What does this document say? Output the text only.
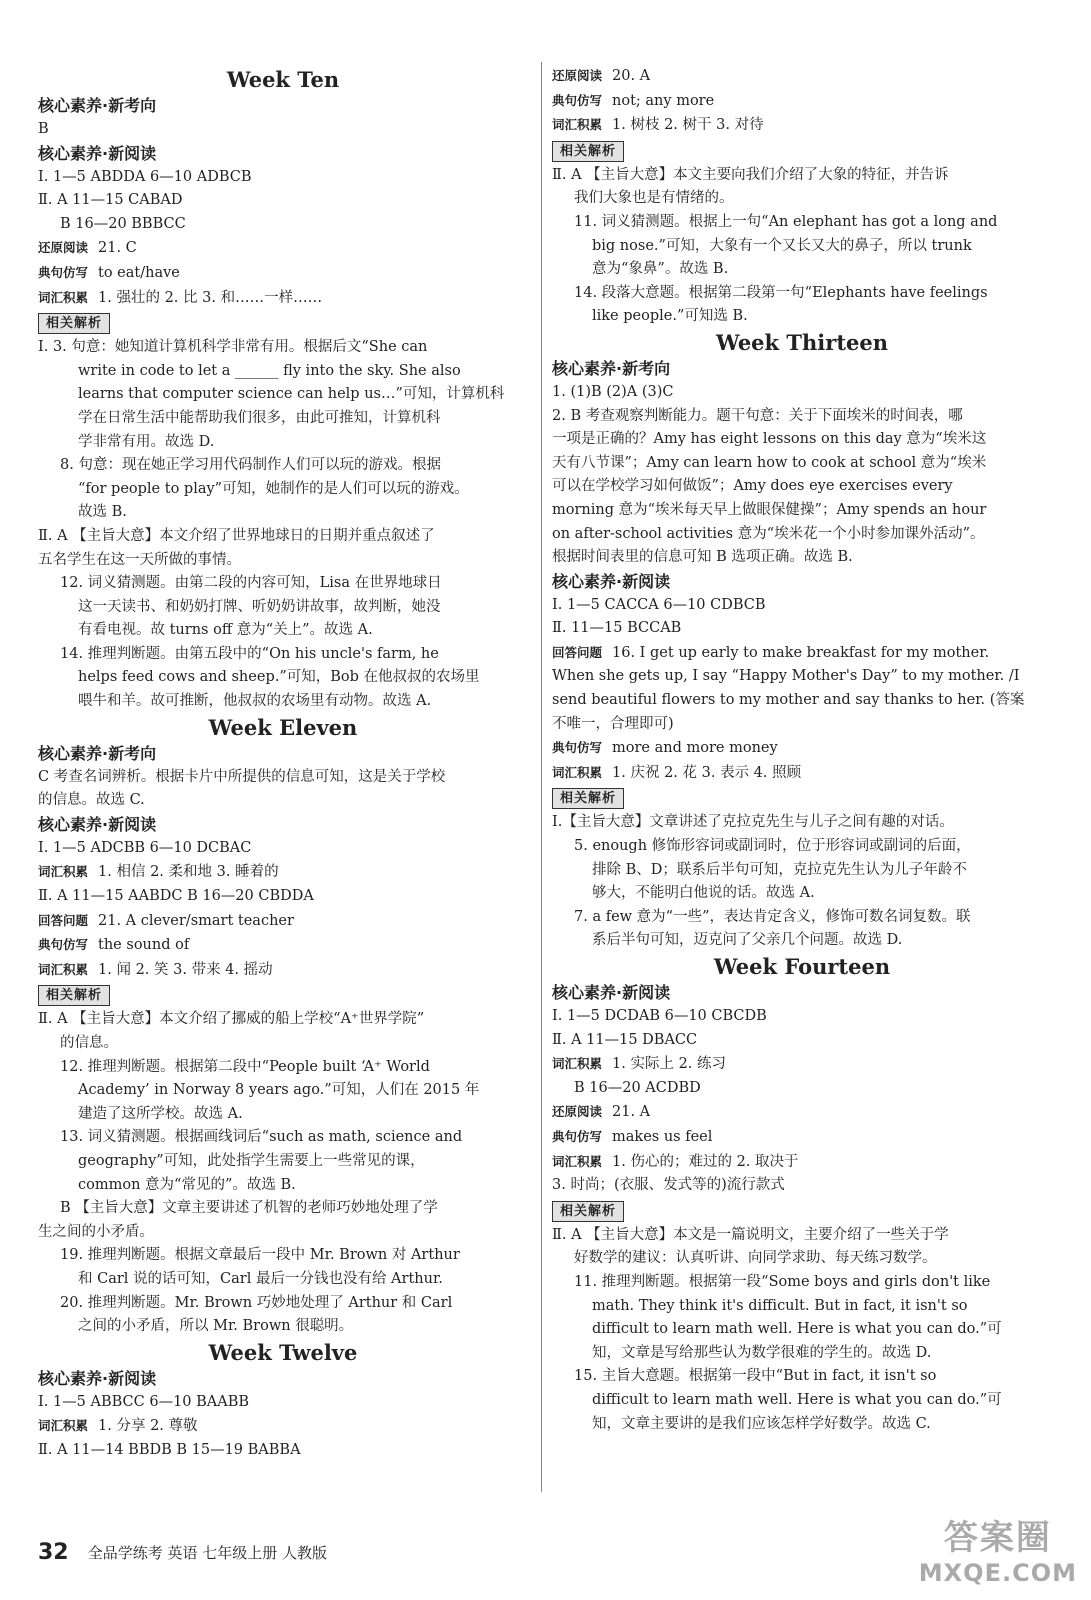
Week Ten
核心素养·新考向
B
核心素养·新阅读
Ⅰ. 1—5 ABDDA 6—10 ADBCB
Ⅱ. A 11—15 CABAD
B 16—20 BBBCC
还原阅读 21. C
典句仿写 to eat/have
词汇积累 1. 强壮的 2. 比 3. 和……一样……
相关解析
Ⅰ. 3. 句意：她知道计算机科学非常有用。根据后文“She can
write in code to let a ______ fly into the sky. She also
learns that computer science can help us…”可知，计算机科
学在日常生活中能帮助我们很多，由此可推知，计算机科
学非常有用。故选 D.
8. 句意：现在她正学习用代码制作人们可以玩的游戏。根据
“for people to play”可知，她制作的是人们可以玩的游戏。
故选 B.
Ⅱ. A 【主旨大意】本文介绍了世界地球日的日期并重点叙述了
五名学生在这一天所做的事情。
12. 词义猜测题。由第二段的内容可知，Lisa 在世界地球日
这一天读书、和奶奶打牌、听奶奶讲故事，故判断，她没
有看电视。故 turns off 意为“关上”。故选 A.
14. 推理判断题。由第五段中的“On his uncle's farm, he
helps feed cows and sheep.”可知，Bob 在他叔叔的农场里
喂牛和羊。故可推断，他叔叔的农场里有动物。故选 A.
Week Eleven
核心素养·新考向
C 考查名词辨析。根据卡片中所提供的信息可知，这是关于学校
的信息。故选 C.
核心素养·新阅读
Ⅰ. 1—5 ADCBB 6—10 DCBAC
词汇积累 1. 相信 2. 柔和地 3. 睡着的
Ⅱ. A 11—15 AABDC B 16—20 CBDDA
回答问题 21. A clever/smart teacher
典句仿写 the sound of
词汇积累 1. 闻 2. 笑 3. 带来 4. 摇动
相关解析
Ⅱ. A 【主旨大意】本文介绍了挪威的船上学校“A⁺世界学院”
的信息。
12. 推理判断题。根据第二段中“People built ‘A⁺ World
Academy’ in Norway 8 years ago.”可知，人们在 2015 年
建造了这所学校。故选 A.
13. 词义猜测题。根据画线词后“such as math, science and
geography”可知，此处指学生需要上一些常见的课，
common 意为“常见的”。故选 B.
B 【主旨大意】文章主要讲述了机智的老师巧妙地处理了学
生之间的小矛盾。
19. 推理判断题。根据文章最后一段中 Mr. Brown 对 Arthur
和 Carl 说的话可知，Carl 最后一分钱也没有给 Arthur.
20. 推理判断题。Mr. Brown 巧妙地处理了 Arthur 和 Carl
之间的小矛盾，所以 Mr. Brown 很聪明。
Week Twelve
核心素养·新阅读
Ⅰ. 1—5 ABBCC 6—10 BAABB
词汇积累 1. 分享 2. 尊敬
Ⅱ. A 11—14 BBDB B 15—19 BABBA
还原阅读 20. A
典句仿写 not; any more
词汇积累 1. 树枝 2. 树干 3. 对待
相关解析
Ⅱ. A 【主旨大意】本文主要向我们介绍了大象的特征，并告诉
我们大象也是有情绪的。
11. 词义猜测题。根据上一句“An elephant has got a long and
big nose.”可知，大象有一个又长又大的鼻子，所以 trunk
意为“象鼻”。故选 B.
14. 段落大意题。根据第二段第一句“Elephants have feelings
like people.”可知选 B.
Week Thirteen
核心素养·新考向
1. (1)B (2)A (3)C
2. B 考查观察判断能力。题干句意：关于下面埃米的时间表，哪
一项是正确的？Amy has eight lessons on this day 意为“埃米这
天有八节课”；Amy can learn how to cook at school 意为“埃米
可以在学校学习如何做饭”；Amy does eye exercises every
morning 意为“埃米每天早上做眼保健操”；Amy spends an hour
on after-school activities 意为“埃米花一个小时参加课外活动”。
根据时间表里的信息可知 B 选项正确。故选 B.
核心素养·新阅读
Ⅰ. 1—5 CACCA 6—10 CDBCB
Ⅱ. 11—15 BCCAB
回答问题 16. I get up early to make breakfast for my mother.
When she gets up, I say “Happy Mother's Day” to my mother. /I
send beautiful flowers to my mother and say thanks to her. (答案
不唯一，合理即可)
典句仿写 more and more money
词汇积累 1. 庆祝 2. 花 3. 表示 4. 照顾
相关解析
Ⅰ.【主旨大意】文章讲述了克拉克先生与儿子之间有趣的对话。
5. enough 修饰形容词或副词时，位于形容词或副词的后面，
排除 B、D；联系后半句可知，克拉克先生认为儿子年龄不
够大，不能明白他说的话。故选 A.
7. a few 意为“一些”，表达肯定含义，修饰可数名词复数。联
系后半句可知，迈克问了父亲几个问题。故选 D.
Week Fourteen
核心素养·新阅读
Ⅰ. 1—5 DCDAB 6—10 CBCDB
Ⅱ. A 11—15 DBACC
词汇积累 1. 实际上 2. 练习
B 16—20 ACDBD
还原阅读 21. A
典句仿写 makes us feel
词汇积累 1. 伤心的；难过的 2. 取决于
3. 时尚；(衣服、发式等的)流行款式
相关解析
Ⅱ. A 【主旨大意】本文是一篇说明文，主要介绍了一些关于学
好数学的建议：认真听讲、向同学求助、每天练习数学。
11. 推理判断题。根据第一段“Some boys and girls don't like
math. They think it's difficult. But in fact, it isn't so
difficult to learn math well. Here is what you can do.”可
知，文章是写给那些认为数学很难的学生的。故选 D.
15. 主旨大意题。根据第一段中“But in fact, it isn't so
difficult to learn math well. Here is what you can do.”可
知，文章主要讲的是我们应该怎样学好数学。故选 C.
32 全品学练考 英语 七年级上册 人教版	答案圈
MXQE.COM
